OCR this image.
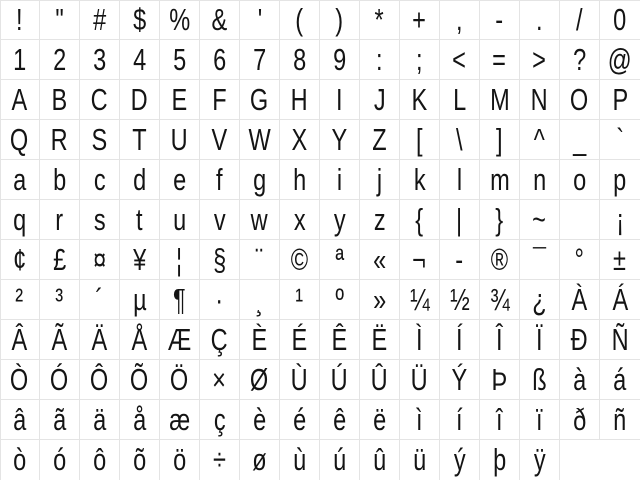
! " # $ % & ' ( ) * + , - . / 0
1 2 3 4 5 6 7 8 9 : ; < = > ? @
A B C D E F G H I J K L M N O P
Q R S T U V W X Y Z [ \ ] ^ _ `
a b c d e f g h i j k l m n o p
q r s t u v w x y z { | } ~
¡
¢ £ ¤ ¥ ¦ § ¨ © ª « ¬ - ® ¯ ° ±
² ³ ´ µ ¶ · ¸ ¹ º » ¼ ½ ¾ ¿ À Á
Â Ã Ä Å Æ Ç È É Ê Ë Ì Í Î Ï Ð Ñ
Ò Ó Ô Õ Ö × Ø Ù Ú Û Ü Ý Þ ß à á
â ã ä å æ ç è é ê ë ì í î ï ð ñ
ò ó ô õ ö ÷ ø ù ú û ü ý þ ÿ
